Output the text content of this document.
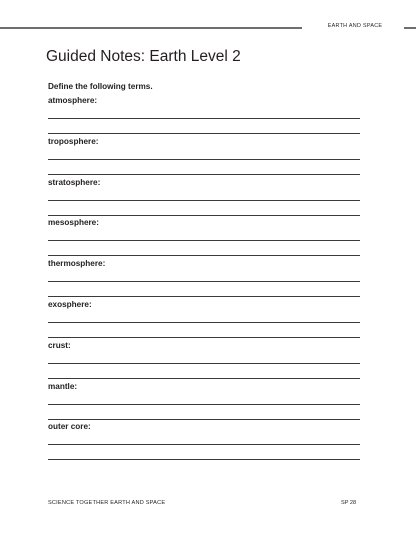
EARTH AND SPACE
Guided Notes: Earth Level 2
Define the following terms.
atmosphere:
troposphere:
stratosphere:
mesosphere:
thermosphere:
exosphere:
crust:
mantle:
outer core:
SCIENCE TOGETHER EARTH AND SPACE	SP 28
